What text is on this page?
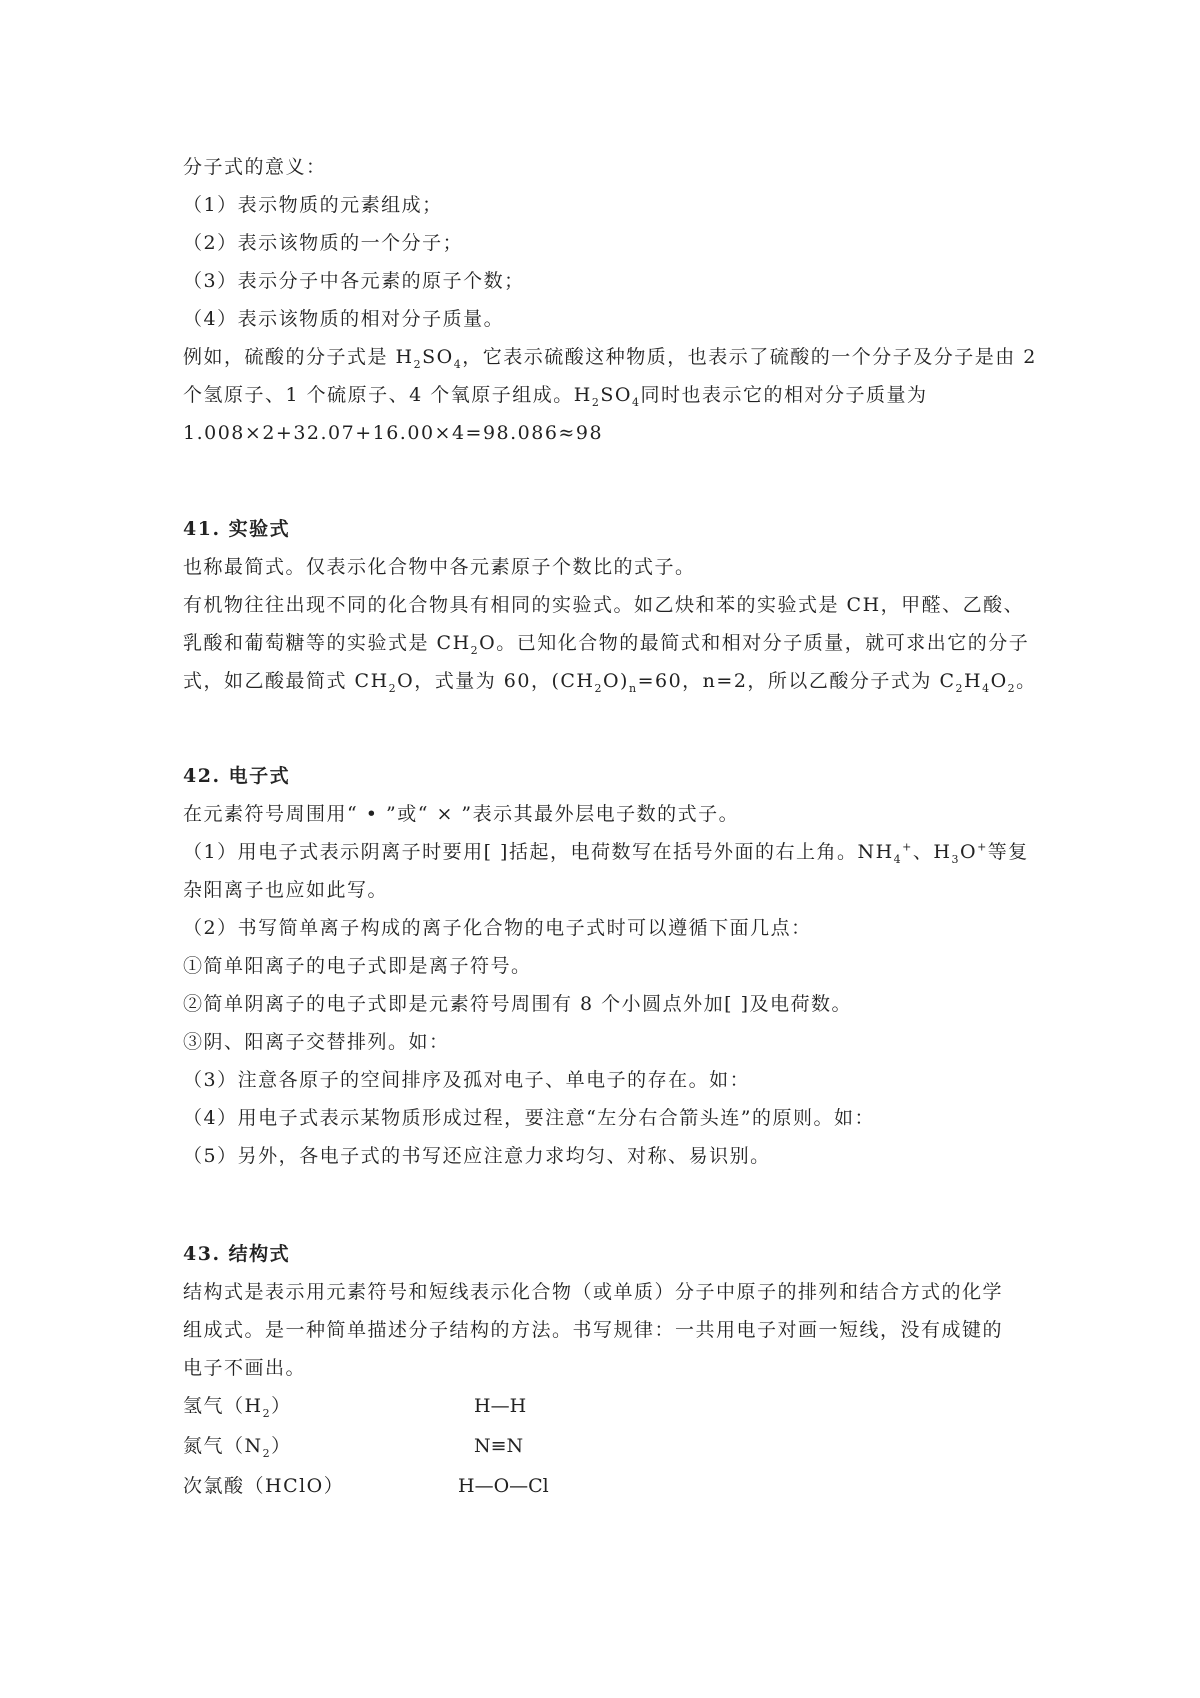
分子式的意义：

（1）表示物质的元素组成；

（2）表示该物质的一个分子；

（3）表示分子中各元素的原子个数；

（4）表示该物质的相对分子质量。

例如，硫酸的分子式是 $H_2SO_4$，它表示硫酸这种物质，也表示了硫酸的一个分子及分子是由 2

个氢原子、1 个硫原子、4 个氧原子组成。$H_2SO_4$同时也表示它的相对分子质量为

1.008×2+32.07+16.00×4=98.086≈98

41. 实验式

也称最简式。仅表示化合物中各元素原子个数比的式子。

有机物往往出现不同的化合物具有相同的实验式。如乙炔和苯的实验式是 CH，甲醛、乙酸、

乳酸和葡萄糖等的实验式是 $CH_2O$。已知化合物的最简式和相对分子质量，就可求出它的分子

式，如乙酸最简式 $CH_2O$，式量为 60，$(CH_2O)_n=60$，n=2，所以乙酸分子式为 $C_2H_4O_2$。

42. 电子式

在元素符号周围用“ • ”或“ × ”表示其最外层电子数的式子。

（1）用电子式表示阴离子时要用[ ]括起，电荷数写在括号外面的右上角。$NH_4^+$、$H_3O^+$等复

杂阳离子也应如此写。

（2）书写简单离子构成的离子化合物的电子式时可以遵循下面几点：

①简单阳离子的电子式即是离子符号。

②简单阴离子的电子式即是元素符号周围有 8 个小圆点外加[ ]及电荷数。

③阴、阳离子交替排列。如：

（3）注意各原子的空间排序及孤对电子、单电子的存在。如：

（4）用电子式表示某物质形成过程，要注意“左分右合箭头连”的原则。如：

（5）另外，各电子式的书写还应注意力求均匀、对称、易识别。

43. 结构式

结构式是表示用元素符号和短线表示化合物（或单质）分子中原子的排列和结合方式的化学

组成式。是一种简单描述分子结构的方法。书写规律：一共用电子对画一短线，没有成键的

电子不画出。

氢气$(H_2)$	H—H

氮气$(N_2)$	N≡N

次氯酸（HClO）	H—O—Cl
